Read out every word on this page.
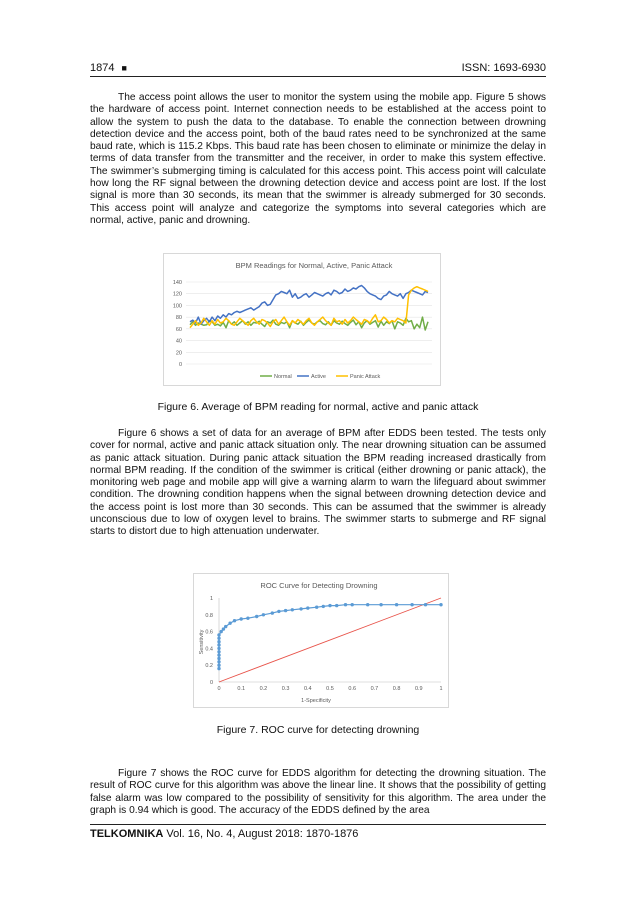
1874 ■	ISSN: 1693-6930

The access point allows the user to monitor the system using the mobile app. Figure 5 shows the hardware of access point. Internet connection needs to be established at the access point to allow the system to push the data to the database. To enable the connection between drowning detection device and the access point, both of the baud rates need to be synchronized at the same baud rate, which is 115.2 Kbps. This baud rate has been chosen to eliminate or minimize the delay in terms of data transfer from the transmitter and the receiver, in order to make this system effective. The swimmer’s submerging timing is calculated for this access point. This access point will calculate how long the RF signal between the drowning detection device and access point are lost. If the lost signal is more than 30 seconds, its mean that the swimmer is already submerged for 30 seconds. This access point will analyze and categorize the symptoms into several categories which are normal, active, panic and drowning.

BPM Readings for Normal, Active, Panic Attack
0
20
40
60
80
100
120
140
Normal	Active	Panic Attack
Figure 6. Average of BPM reading for normal, active and panic attack

Figure 6 shows a set of data for an average of BPM after EDDS been tested. The tests only cover for normal, active and panic attack situation only. The near drowning situation can be assumed as panic attack situation. During panic attack situation the BPM reading increased drastically from normal BPM reading. If the condition of the swimmer is critical (either drowning or panic attack), the monitoring web page and mobile app will give a warning alarm to warn the lifeguard about swimmer condition. The drowning condition happens when the signal between drowning detection device and the access point is lost more than 30 seconds. This can be assumed that the swimmer is already unconscious due to low of oxygen level to brains. The swimmer starts to submerge and RF signal starts to distort due to high attenuation underwater.

ROC Curve for Detecting Drowning
0	0.1	0.2	0.3	0.4	0.5	0.6	0.7	0.8	0.9	1
0
0.2
0.4
0.6
0.8
1
1-Specificity
Sensitivity
Figure 7. ROC curve for detecting drowning

Figure 7 shows the ROC curve for EDDS algorithm for detecting the drowning situation. The result of ROC curve for this algorithm was above the linear line. It shows that the possibility of getting false alarm was low compared to the possibility of sensitivity for this algorithm. The area under the graph is 0.94 which is good. The accuracy of the EDDS defined by the area

TELKOMNIKA Vol. 16, No. 4, August 2018: 1870-1876
